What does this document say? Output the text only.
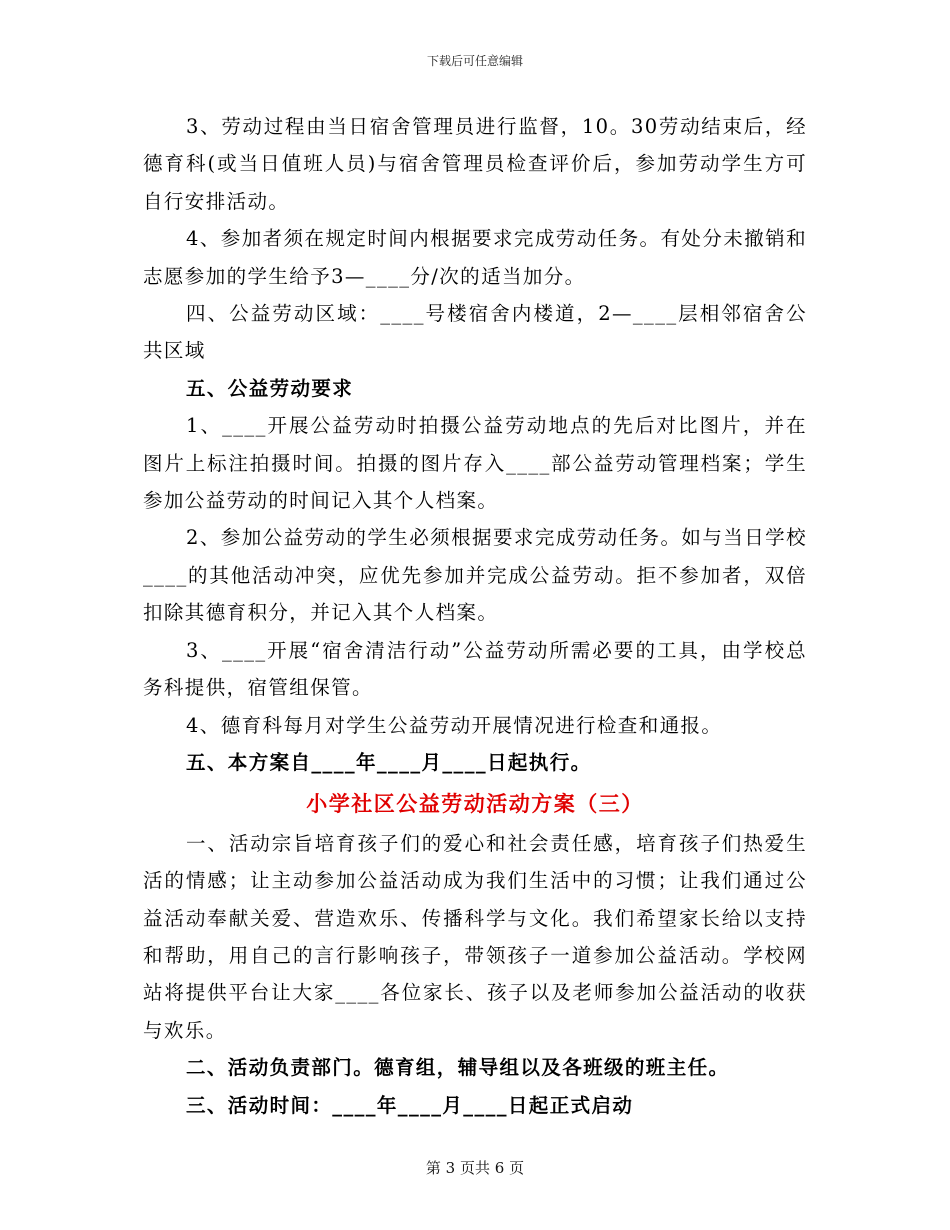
下载后可任意编辑

3、劳动过程由当日宿舍管理员进行监督，10。30劳动结束后，经德育科(或当日值班人员)与宿舍管理员检查评价后，参加劳动学生方可自行安排活动。

4、参加者须在规定时间内根据要求完成劳动任务。有处分未撤销和志愿参加的学生给予3—____分/次的适当加分。

四、公益劳动区域：____号楼宿舍内楼道，2—____层相邻宿舍公共区域

五、公益劳动要求

1、____开展公益劳动时拍摄公益劳动地点的先后对比图片，并在图片上标注拍摄时间。拍摄的图片存入____部公益劳动管理档案；学生参加公益劳动的时间记入其个人档案。

2、参加公益劳动的学生必须根据要求完成劳动任务。如与当日学校____的其他活动冲突，应优先参加并完成公益劳动。拒不参加者，双倍扣除其德育积分，并记入其个人档案。

3、____开展“宿舍清洁行动”公益劳动所需必要的工具，由学校总务科提供，宿管组保管。

4、德育科每月对学生公益劳动开展情况进行检查和通报。

五、本方案自____年____月____日起执行。

小学社区公益劳动活动方案（三）

一、活动宗旨培育孩子们的爱心和社会责任感，培育孩子们热爱生活的情感；让主动参加公益活动成为我们生活中的习惯；让我们通过公益活动奉献关爱、营造欢乐、传播科学与文化。我们希望家长给以支持和帮助，用自己的言行影响孩子，带领孩子一道参加公益活动。学校网站将提供平台让大家____各位家长、孩子以及老师参加公益活动的收获与欢乐。

二、活动负责部门。德育组，辅导组以及各班级的班主任。

三、活动时间：____年____月____日起正式启动

第 3 页共 6 页
